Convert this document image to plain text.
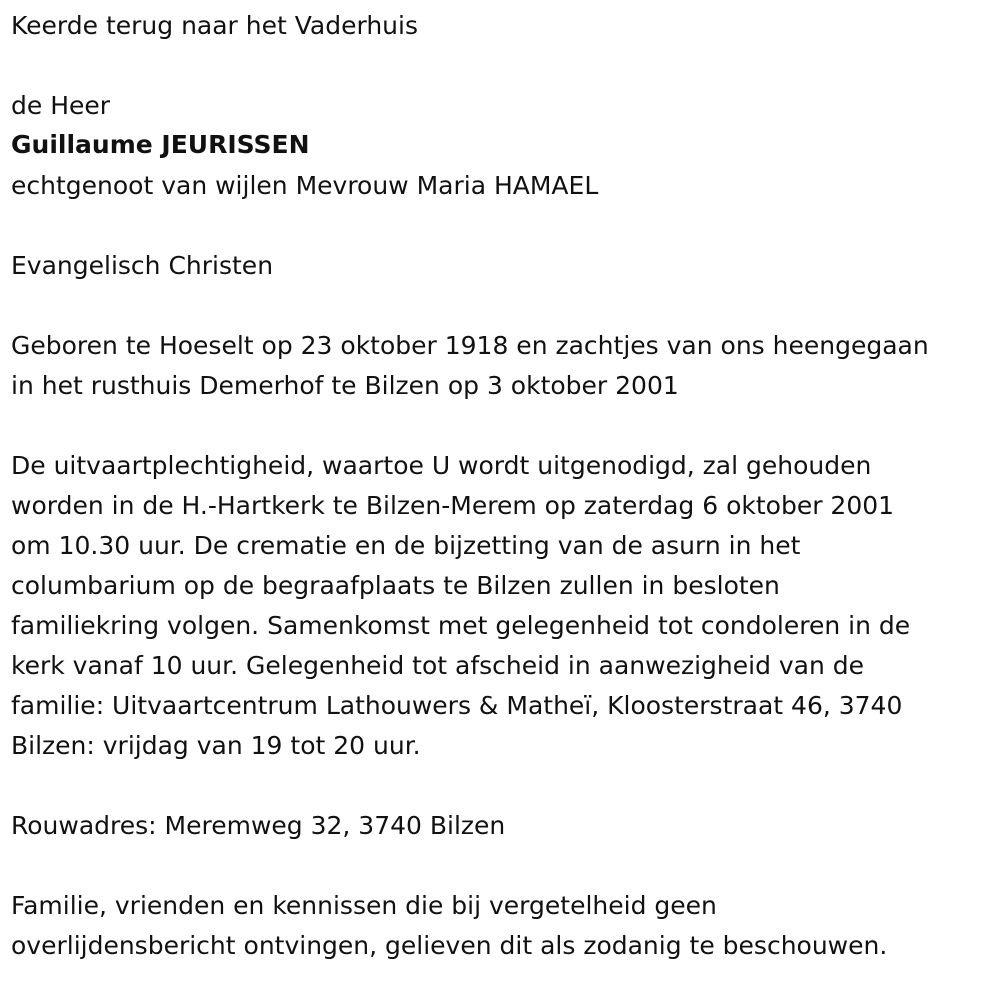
Keerde terug naar het Vaderhuis
de Heer
Guillaume JEURISSEN
echtgenoot van wijlen Mevrouw Maria HAMAEL
Evangelisch Christen
Geboren te Hoeselt op 23 oktober 1918 en zachtjes van ons heengegaan
in het rusthuis Demerhof te Bilzen op 3 oktober 2001
De uitvaartplechtigheid, waartoe U wordt uitgenodigd, zal gehouden
worden in de H.-Hartkerk te Bilzen-Merem op zaterdag 6 oktober 2001
om 10.30 uur. De crematie en de bijzetting van de asurn in het
columbarium op de begraafplaats te Bilzen zullen in besloten
familiekring volgen. Samenkomst met gelegenheid tot condoleren in de
kerk vanaf 10 uur. Gelegenheid tot afscheid in aanwezigheid van de
familie: Uitvaartcentrum Lathouwers & Matheï, Kloosterstraat 46, 3740
Bilzen: vrijdag van 19 tot 20 uur.
Rouwadres: Meremweg 32, 3740 Bilzen
Familie, vrienden en kennissen die bij vergetelheid geen
overlijdensbericht ontvingen, gelieven dit als zodanig te beschouwen.
